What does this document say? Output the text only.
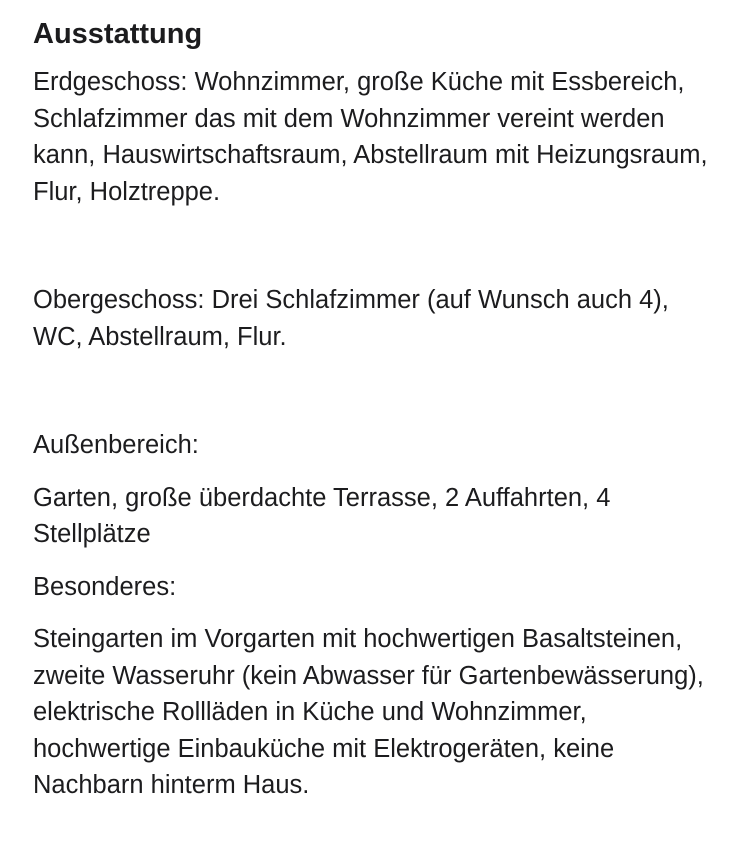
Ausstattung

Erdgeschoss: Wohnzimmer, große Küche mit Essbereich, Schlafzimmer das mit dem Wohnzimmer vereint werden kann, Hauswirtschaftsraum, Abstellraum mit Heizungsraum, Flur, Holztreppe.

Obergeschoss: Drei Schlafzimmer (auf Wunsch auch 4), WC, Abstellraum, Flur.

Außenbereich:

Garten, große überdachte Terrasse, 2 Auffahrten, 4 Stellplätze

Besonderes:

Steingarten im Vorgarten mit hochwertigen Basaltsteinen, zweite Wasseruhr (kein Abwasser für Gartenbewässerung), elektrische Rollläden in Küche und Wohnzimmer, hochwertige Einbauküche mit Elektrogeräten, keine Nachbarn hinterm Haus.
